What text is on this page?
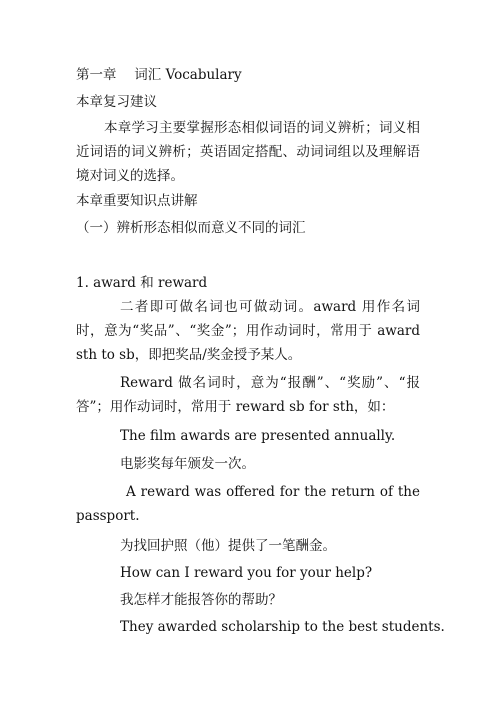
第一章　 词汇 Vocabulary
本章复习建议
本章学习主要掌握形态相似词语的词义辨析；词义相近词语的词义辨析；英语固定搭配、动词词组以及理解语境对词义的选择。
本章重要知识点讲解
（一）辨析形态相似而意义不同的词汇
1. award 和 reward
二者即可做名词也可做动词。award 用作名词时，意为“奖品”、“奖金”；用作动词时，常用于 award sth to sb，即把奖品/奖金授予某人。
Reward 做名词时，意为“报酬”、“奖励”、“报答”；用作动词时，常用于 reward sb for sth，如：
The film awards are presented annually.
电影奖每年颁发一次。
A reward was offered for the return of the passport.
为找回护照（他）提供了一笔酬金。
How can I reward you for your help?
我怎样才能报答你的帮助？
They awarded scholarship to the best students.
